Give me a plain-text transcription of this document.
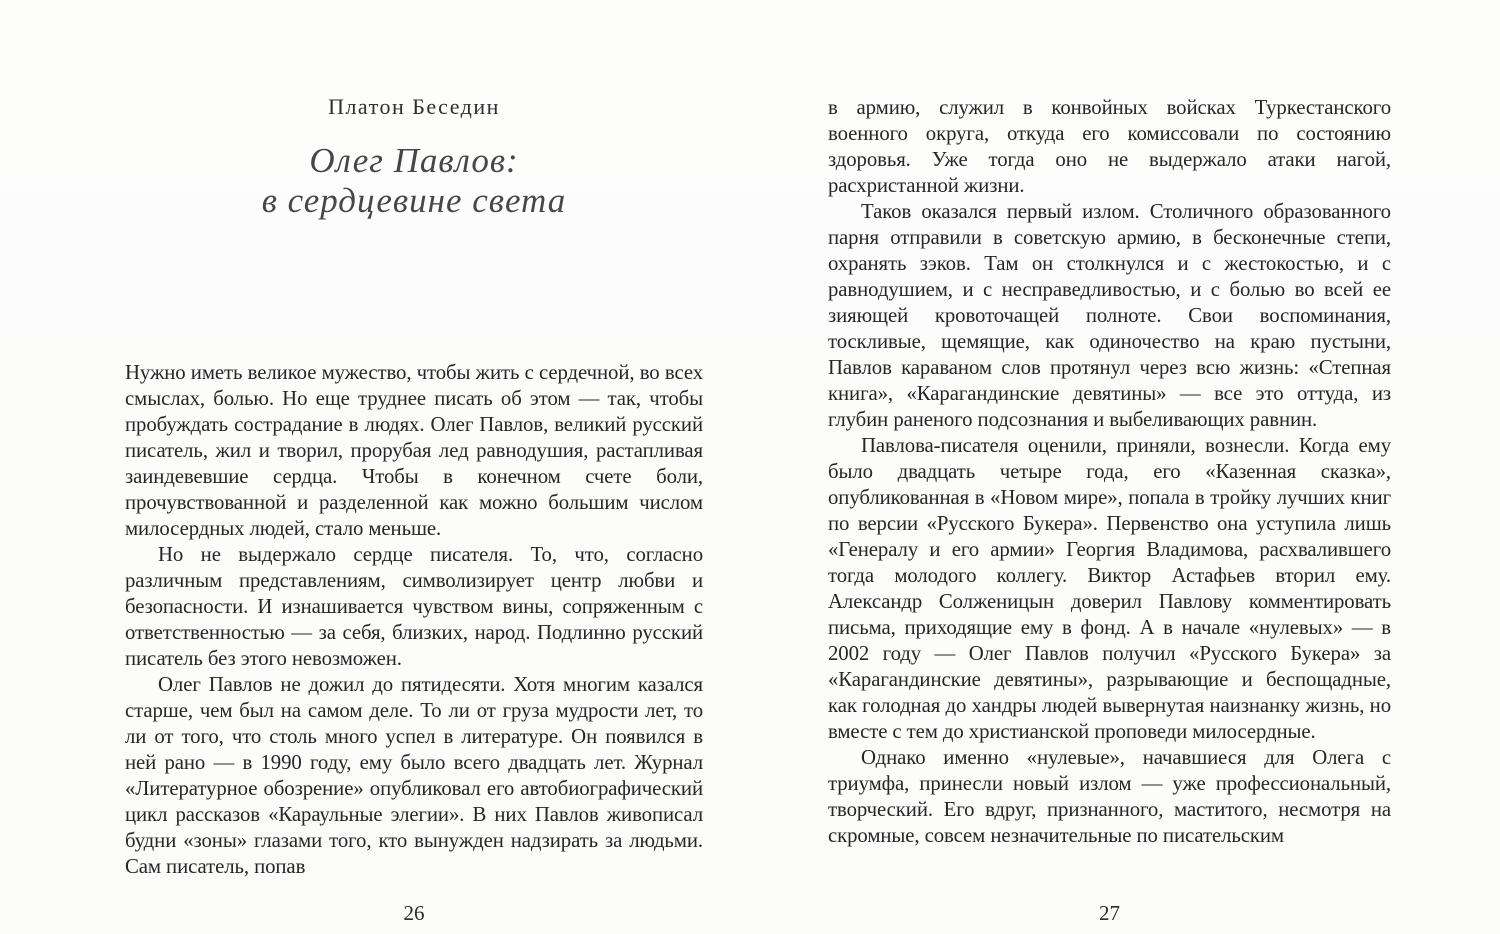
Платон Беседин
Олег Павлов:
в сердцевине света

Нужно иметь великое мужество, чтобы жить с сердечной, во всех смыслах, болью. Но еще труднее писать об этом — так, чтобы пробуждать сострадание в людях. Олег Павлов, великий русский писатель, жил и творил, прорубая лед равнодушия, растапливая заиндевевшие сердца. Чтобы в конечном счете боли, прочувствованной и разделенной как можно большим числом милосердных людей, стало меньше.

Но не выдержало сердце писателя. То, что, согласно различным представлениям, символизирует центр любви и безопасности. И изнашивается чувством вины, сопряженным с ответственностью — за себя, близких, народ. Подлинно русский писатель без этого невозможен.

Олег Павлов не дожил до пятидесяти. Хотя многим казался старше, чем был на самом деле. То ли от груза мудрости лет, то ли от того, что столь много успел в литературе. Он появился в ней рано — в 1990 году, ему было всего двадцать лет. Журнал «Литературное обозрение» опубликовал его автобиографический цикл рассказов «Караульные элегии». В них Павлов живописал будни «зоны» глазами того, кто вынужден надзирать за людьми. Сам писатель, попав

26

в армию, служил в конвойных войсках Туркестанского военного округа, откуда его комиссовали по состоянию здоровья. Уже тогда оно не выдержало атаки нагой, расхристанной жизни.

Таков оказался первый излом. Столичного образованного парня отправили в советскую армию, в бесконечные степи, охранять зэков. Там он столкнулся и с жестокостью, и с равнодушием, и с несправедливостью, и с болью во всей ее зияющей кровоточащей полноте. Свои воспоминания, тоскливые, щемящие, как одиночество на краю пустыни, Павлов караваном слов протянул через всю жизнь: «Степная книга», «Карагандинские девятины» — все это оттуда, из глубин раненого подсознания и выбеливающих равнин.

Павлова-писателя оценили, приняли, вознесли. Когда ему было двадцать четыре года, его «Казенная сказка», опубликованная в «Новом мире», попала в тройку лучших книг по версии «Русского Букера». Первенство она уступила лишь «Генералу и его армии» Георгия Владимова, расхвалившего тогда молодого коллегу. Виктор Астафьев вторил ему. Александр Солженицын доверил Павлову комментировать письма, приходящие ему в фонд. А в начале «нулевых» — в 2002 году — Олег Павлов получил «Русского Букера» за «Карагандинские девятины», разрывающие и беспощадные, как голодная до хандры людей вывернутая наизнанку жизнь, но вместе с тем до христианской проповеди милосердные.

Однако именно «нулевые», начавшиеся для Олега с триумфа, принесли новый излом — уже профессиональный, творческий. Его вдруг, признанного, маститого, несмотря на скромные, совсем незначительные по писательским

27
